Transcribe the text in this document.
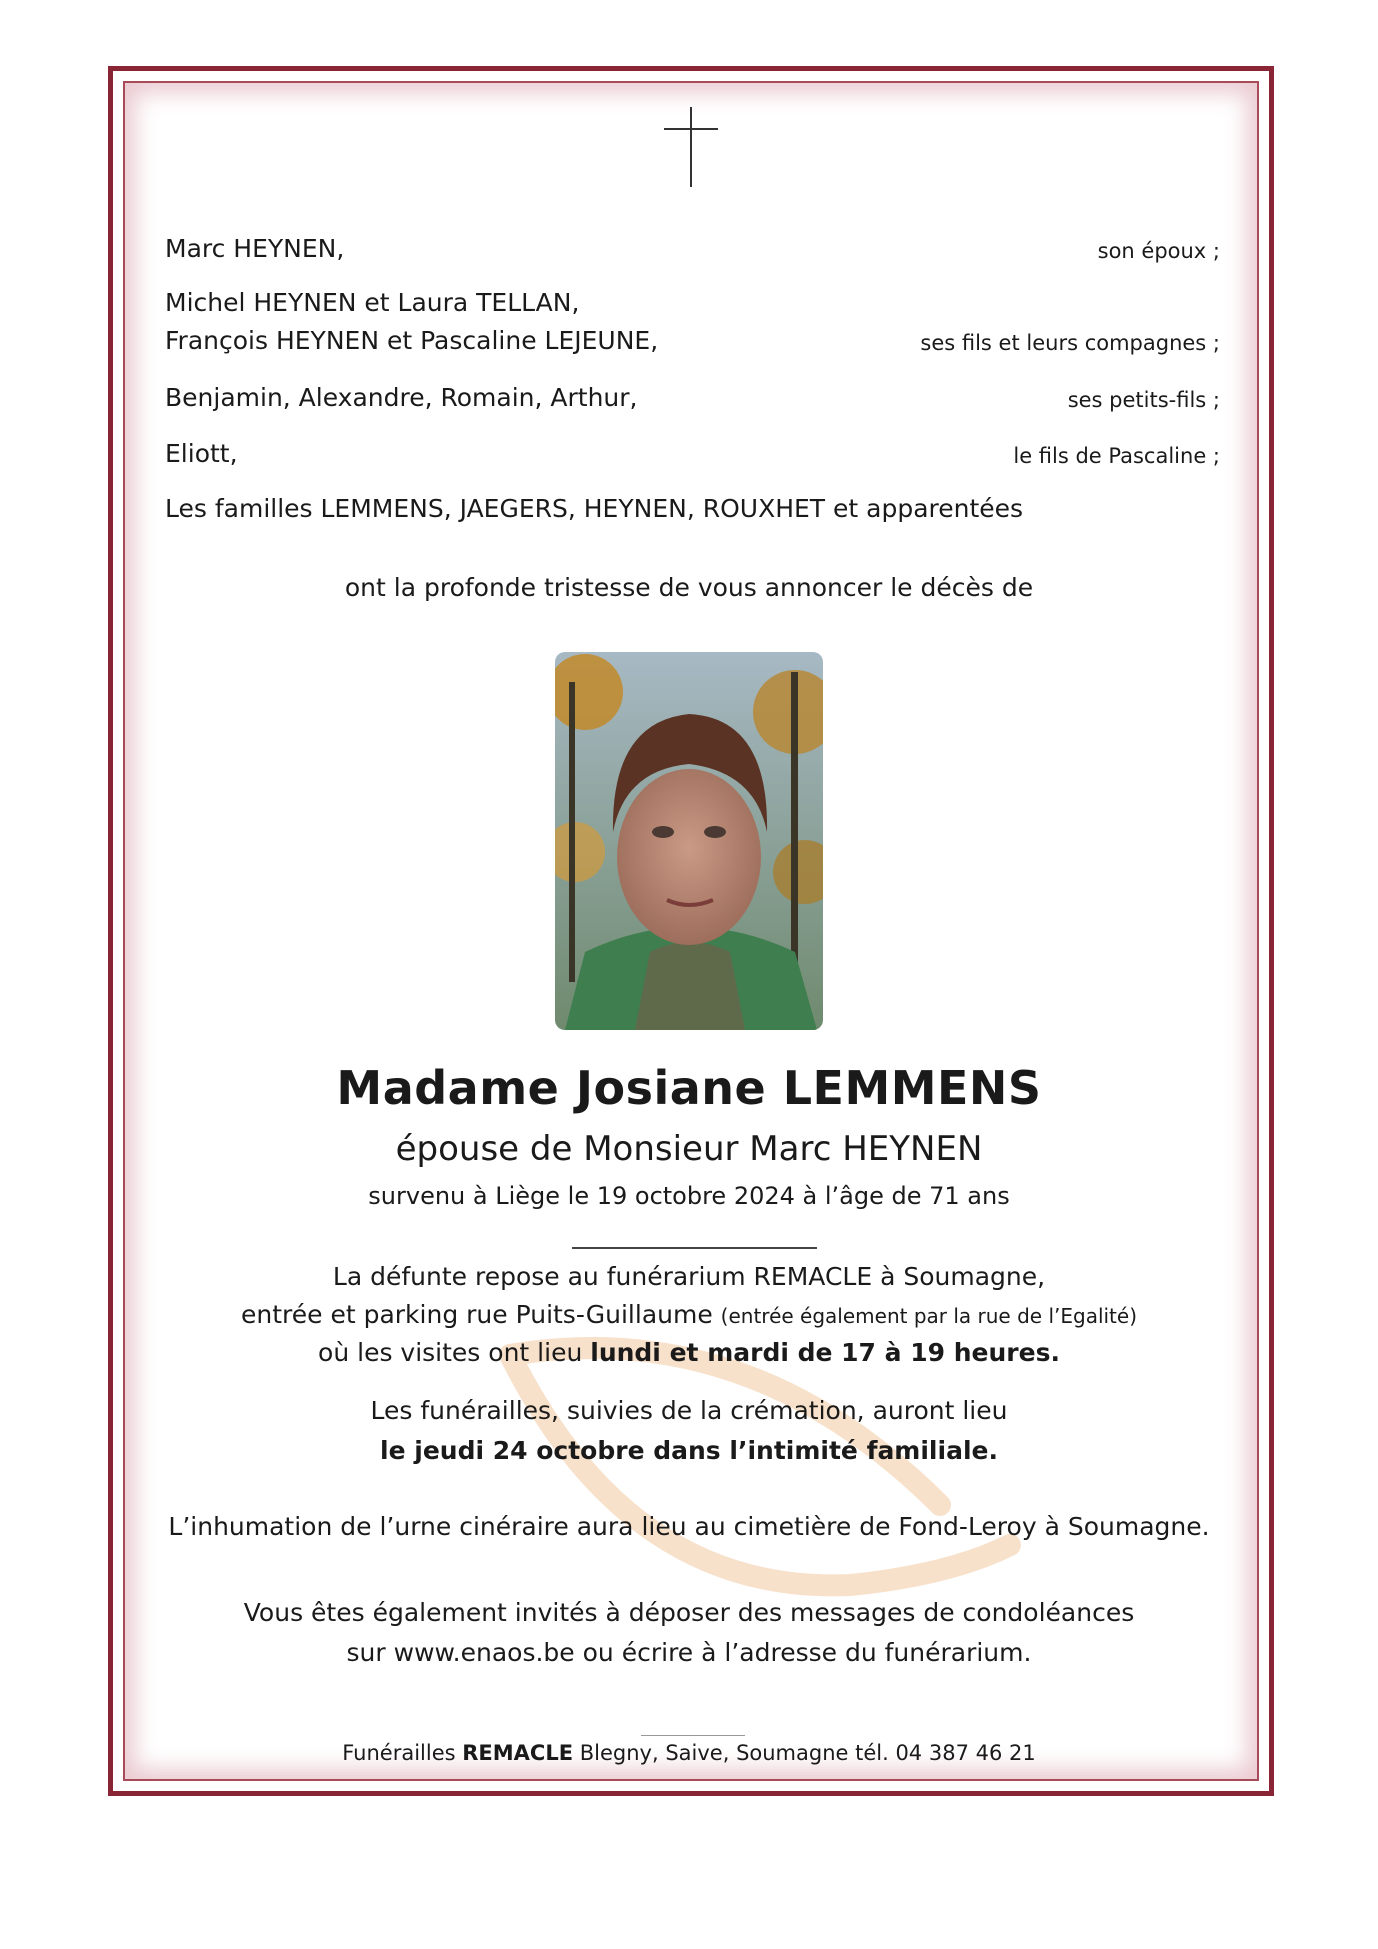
Marc HEYNEN,	son époux ;
Michel HEYNEN et Laura TELLAN,
François HEYNEN et Pascaline LEJEUNE,	ses fils et leurs compagnes ;
Benjamin, Alexandre, Romain, Arthur,	ses petits-fils ;
Eliott,	le fils de Pascaline ;
Les familles LEMMENS, JAEGERS, HEYNEN, ROUXHET et apparentées
ont la profonde tristesse de vous annoncer le décès de
Madame Josiane LEMMENS
épouse de Monsieur Marc HEYNEN
survenu à Liège le 19 octobre 2024 à l’âge de 71 ans
La défunte repose au funérarium REMACLE à Soumagne,
entrée et parking rue Puits-Guillaume (entrée également par la rue de l’Egalité)
où les visites ont lieu lundi et mardi de 17 à 19 heures.
Les funérailles, suivies de la crémation, auront lieu
le jeudi 24 octobre dans l’intimité familiale.
L’inhumation de l’urne cinéraire aura lieu au cimetière de Fond-Leroy à Soumagne.
Vous êtes également invités à déposer des messages de condoléances
sur www.enaos.be ou écrire à l’adresse du funérarium.
Funérailles REMACLE Blegny, Saive, Soumagne tél. 04 387 46 21
